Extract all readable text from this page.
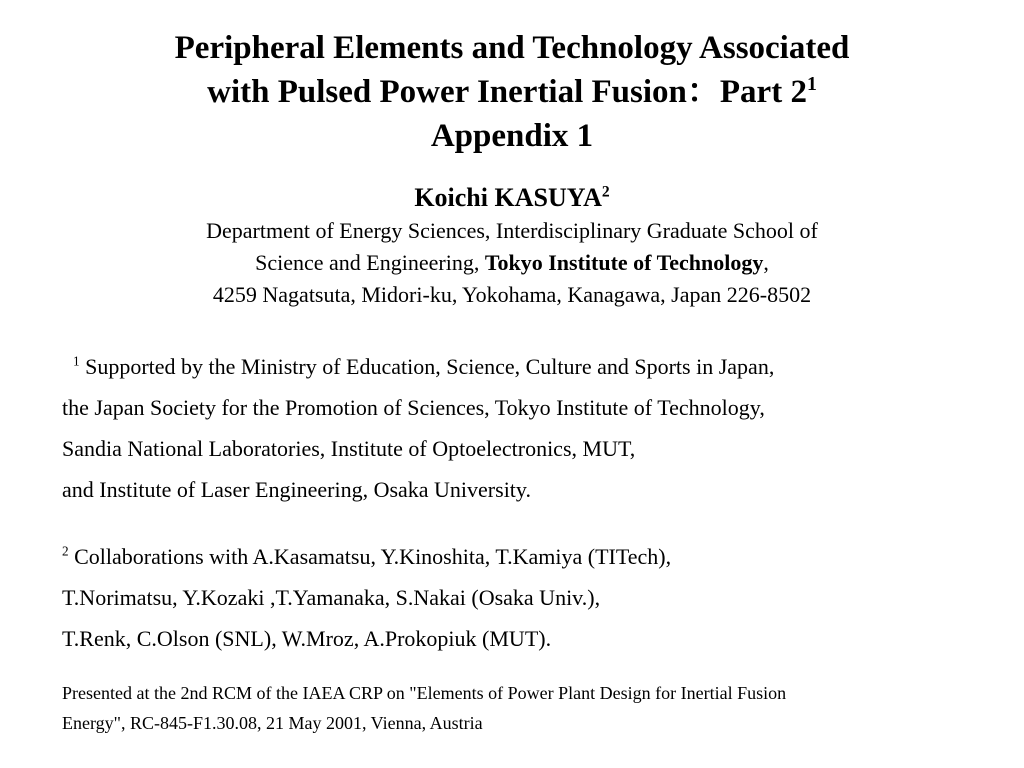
Peripheral Elements and Technology Associated
with Pulsed Power Inertial Fusion：Part $2^1$
Appendix 1
Koichi KASUYA$^2$
Department of Energy Sciences, Interdisciplinary Graduate School of
Science and Engineering, Tokyo Institute of Technology,
4259 Nagatsuta, Midori-ku, Yokohama, Kanagawa, Japan 226-8502
$^1$ Supported by the Ministry of Education, Science, Culture and Sports in Japan,
the Japan Society for the Promotion of Sciences, Tokyo Institute of Technology,
Sandia National Laboratories, Institute of Optoelectronics, MUT,
and Institute of Laser Engineering, Osaka University.
$^2$ Collaborations with A.Kasamatsu, Y.Kinoshita, T.Kamiya (TITech),
T.Norimatsu, Y.Kozaki ,T.Yamanaka, S.Nakai (Osaka Univ.),
T.Renk, C.Olson (SNL), W.Mroz, A.Prokopiuk (MUT).
Presented at the 2nd RCM of the IAEA CRP on "Elements of Power Plant Design for Inertial Fusion
Energy", RC-845-F1.30.08, 21 May 2001, Vienna, Austria
